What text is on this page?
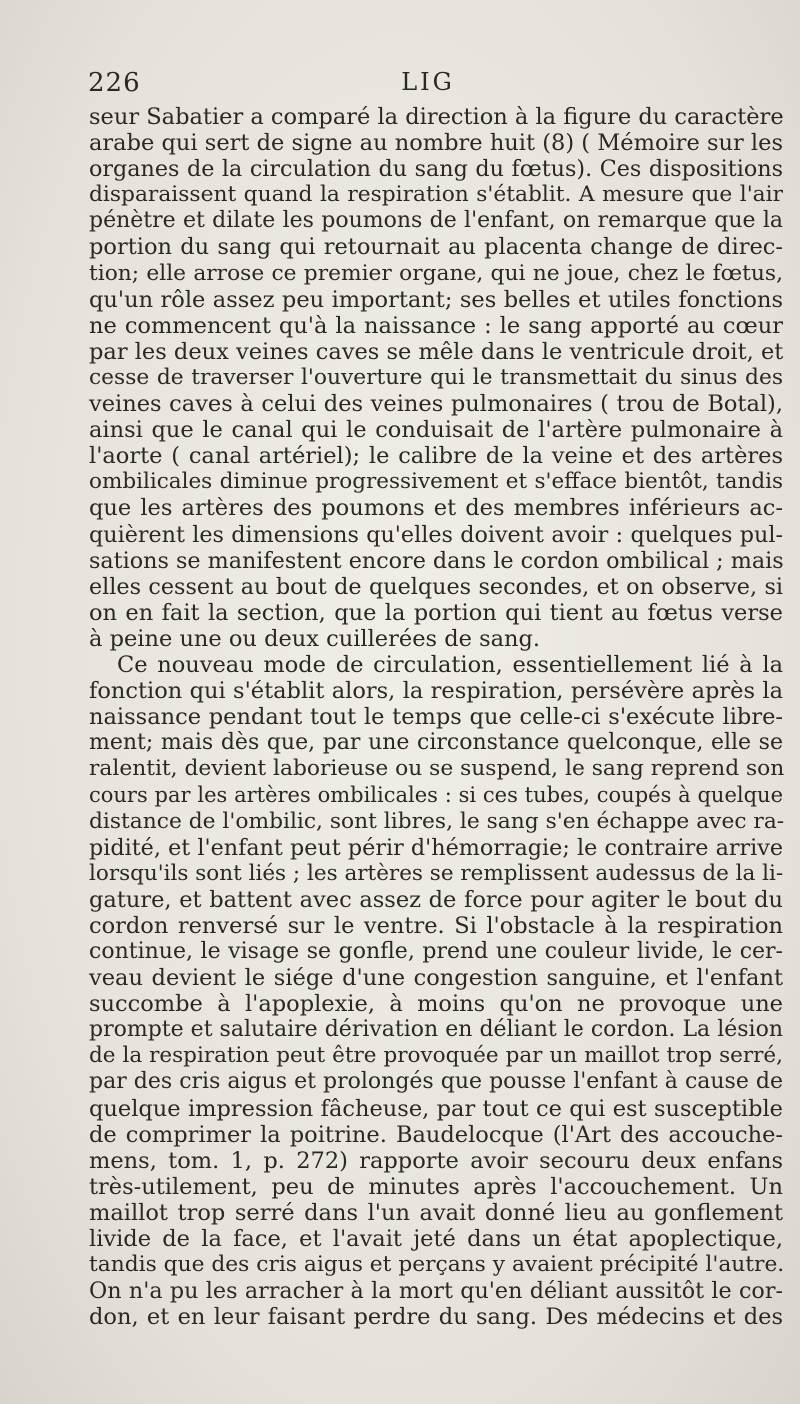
226	LIG
seur Sabatier a comparé la direction à la figure du caractère
arabe qui sert de signe au nombre huit (8) ( Mémoire sur les
organes de la circulation du sang du fœtus). Ces dispositions
disparaissent quand la respiration s'établit. A mesure que l'air
pénètre et dilate les poumons de l'enfant, on remarque que la
portion du sang qui retournait au placenta change de direc-
tion; elle arrose ce premier organe, qui ne joue, chez le fœtus,
qu'un rôle assez peu important; ses belles et utiles fonctions
ne commencent qu'à la naissance : le sang apporté au cœur
par les deux veines caves se mêle dans le ventricule droit, et
cesse de traverser l'ouverture qui le transmettait du sinus des
veines caves à celui des veines pulmonaires ( trou de Botal),
ainsi que le canal qui le conduisait de l'artère pulmonaire à
l'aorte ( canal artériel); le calibre de la veine et des artères
ombilicales diminue progressivement et s'efface bientôt, tandis
que les artères des poumons et des membres inférieurs ac-
quièrent les dimensions qu'elles doivent avoir : quelques pul-
sations se manifestent encore dans le cordon ombilical ; mais
elles cessent au bout de quelques secondes, et on observe, si
on en fait la section, que la portion qui tient au fœtus verse
à peine une ou deux cuillerées de sang.
Ce nouveau mode de circulation, essentiellement lié à la
fonction qui s'établit alors, la respiration, persévère après la
naissance pendant tout le temps que celle-ci s'exécute libre-
ment; mais dès que, par une circonstance quelconque, elle se
ralentit, devient laborieuse ou se suspend, le sang reprend son
cours par les artères ombilicales : si ces tubes, coupés à quelque
distance de l'ombilic, sont libres, le sang s'en échappe avec ra-
pidité, et l'enfant peut périr d'hémorragie; le contraire arrive
lorsqu'ils sont liés ; les artères se remplissent audessus de la li-
gature, et battent avec assez de force pour agiter le bout du
cordon renversé sur le ventre. Si l'obstacle à la respiration
continue, le visage se gonfle, prend une couleur livide, le cer-
veau devient le siége d'une congestion sanguine, et l'enfant
succombe à l'apoplexie, à moins qu'on ne provoque une
prompte et salutaire dérivation en déliant le cordon. La lésion
de la respiration peut être provoquée par un maillot trop serré,
par des cris aigus et prolongés que pousse l'enfant à cause de
quelque impression fâcheuse, par tout ce qui est susceptible
de comprimer la poitrine. Baudelocque (l'Art des accouche-
mens, tom. 1, p. 272) rapporte avoir secouru deux enfans
très-utilement, peu de minutes après l'accouchement. Un
maillot trop serré dans l'un avait donné lieu au gonflement
livide de la face, et l'avait jeté dans un état apoplectique,
tandis que des cris aigus et perçans y avaient précipité l'autre.
On n'a pu les arracher à la mort qu'en déliant aussitôt le cor-
don, et en leur faisant perdre du sang. Des médecins et des
